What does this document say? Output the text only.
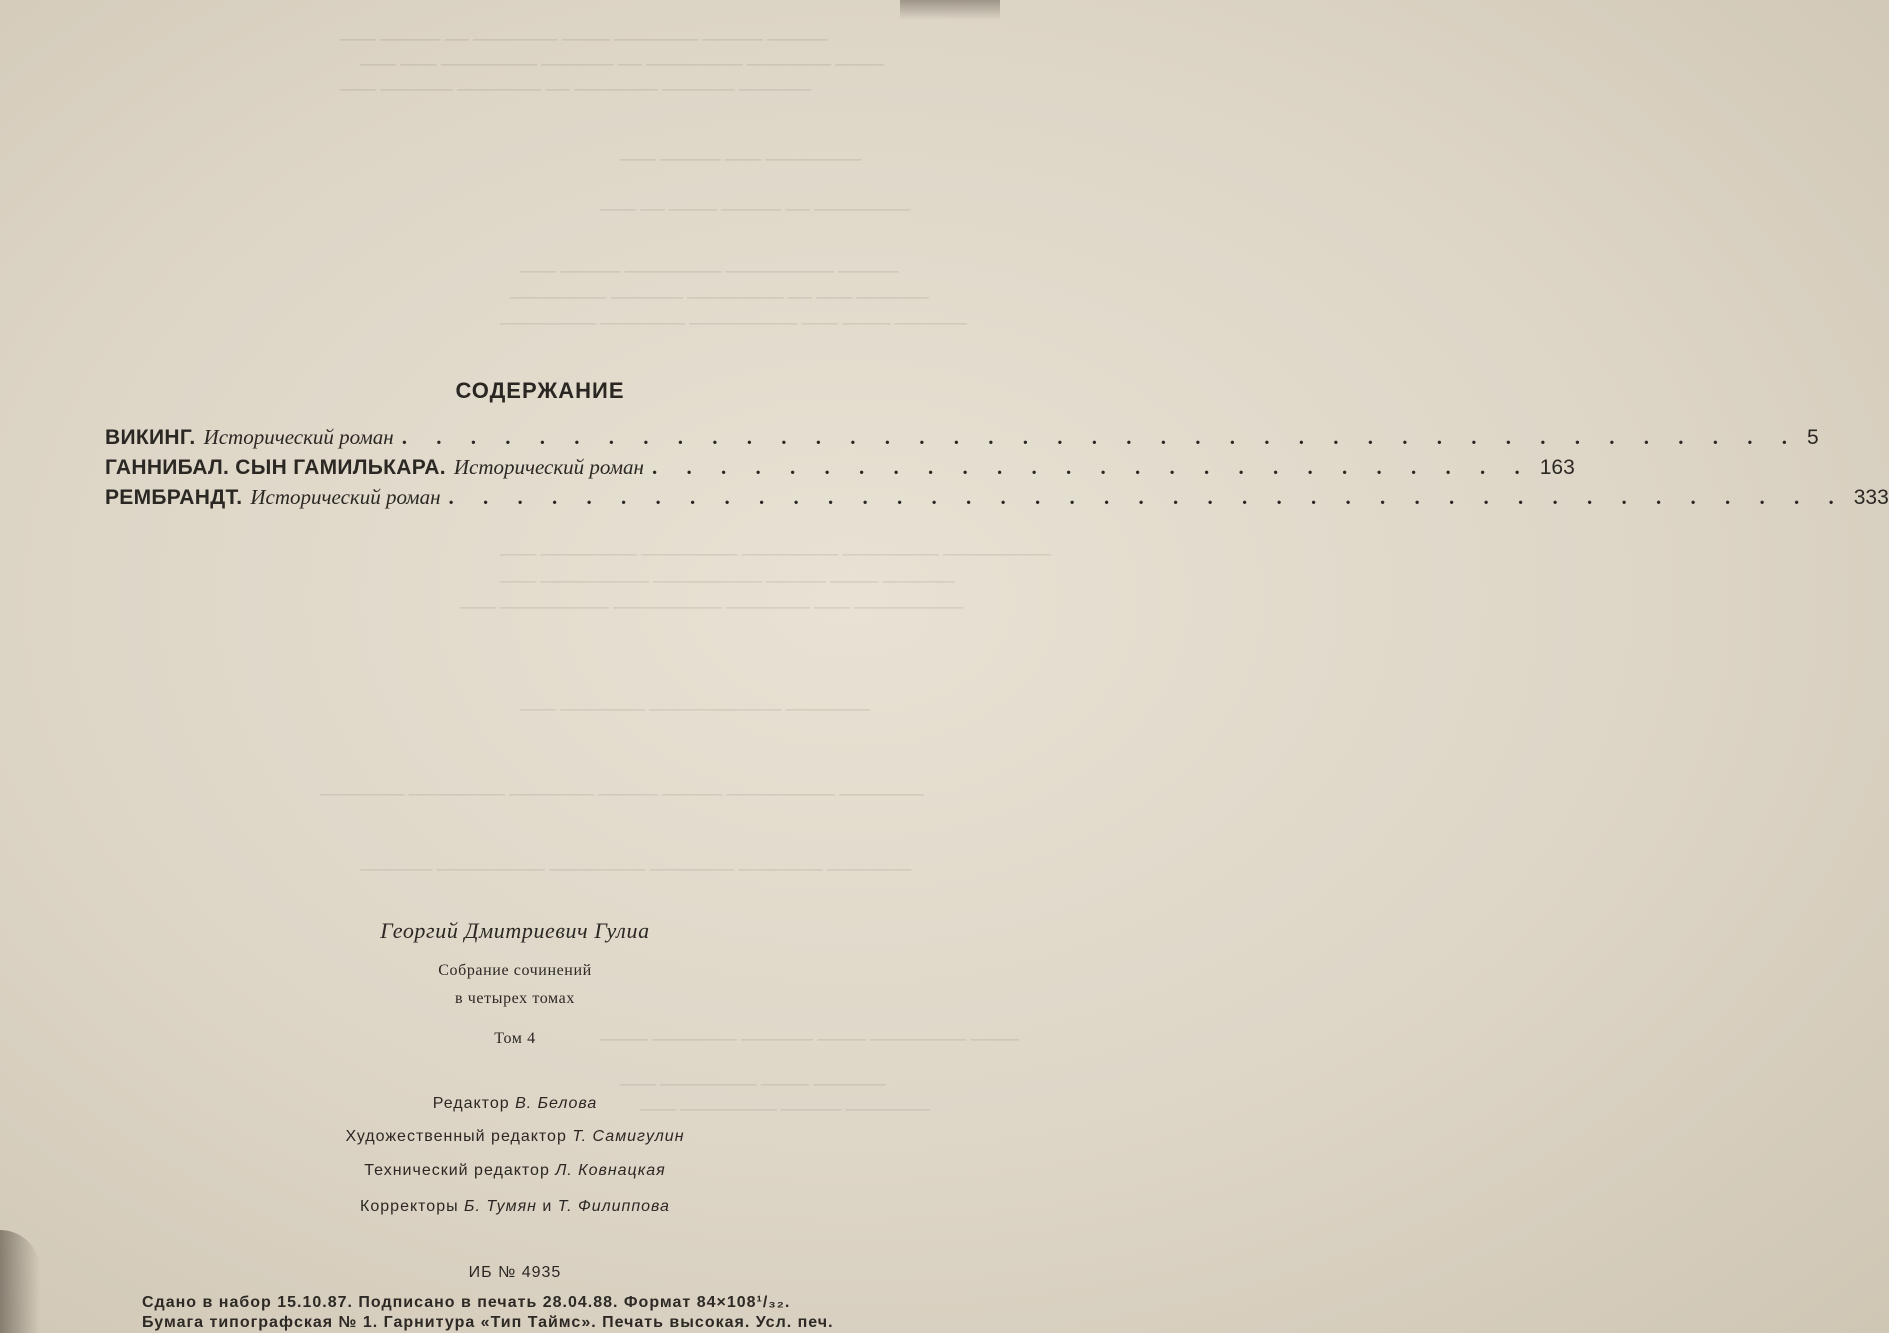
───── ───── ─────── ──── ─────── ── ───── ───
──── ─────── ──────── ── ────── ──────── ─── ───
────── ────── ─────── ── ─────── ────── ───
──────── ─── ───── ───
──────── ── ───── ──── ── ───
───── ───────── ──────── ───── ───
────── ─── ── ──────── ────── ────────
────── ──── ─── ───────── ─────── ────────
───────── ──────── ──────── ──────── ──────── ───
────── ──── ───── ───────── ───────── ───
───────── ─── ─────── ───────── ───────── ───
─────── ─────────── ─────── ───
─────── ───────── ───── ───── ─────── ──────── ───────
─────── ─────── ─────── ──────── ───────── ──────
──── ──────── ──── ────── ─────── ────
────── ──── ──────── ───
─────── ───── ──────── ───
СОДЕРЖАНИЕ
ВИКИНГ. Исторический роман . . . . . . . . . . . . . . . . . . . . . . . . . . . . . . . . . . . . . . . . . 5
ГАННИБАЛ. СЫН ГАМИЛЬКАРА. Исторический роман . . . . . . . . . . . . . . . . . . . . . . . . . . 163
РЕМБРАНДТ. Исторический роман . . . . . . . . . . . . . . . . . . . . . . . . . . . . . . . . . . . . . . . . . 333
Георгий Дмитриевич Гулиа
Собрание сочинений
в четырех томах
Том 4
Редактор В. Белова
Художественный редактор Т. Самигулин
Технический редактор Л. Ковнацкая
Корректоры Б. Тумян и Т. Филиппова
ИБ № 4935
Сдано в набор 15.10.87. Подписано в печать 28.04.88. Формат 84×108¹/₃₂.
Бумага типографская № 1. Гарнитура «Тип Таймс». Печать высокая. Усл. печ.
